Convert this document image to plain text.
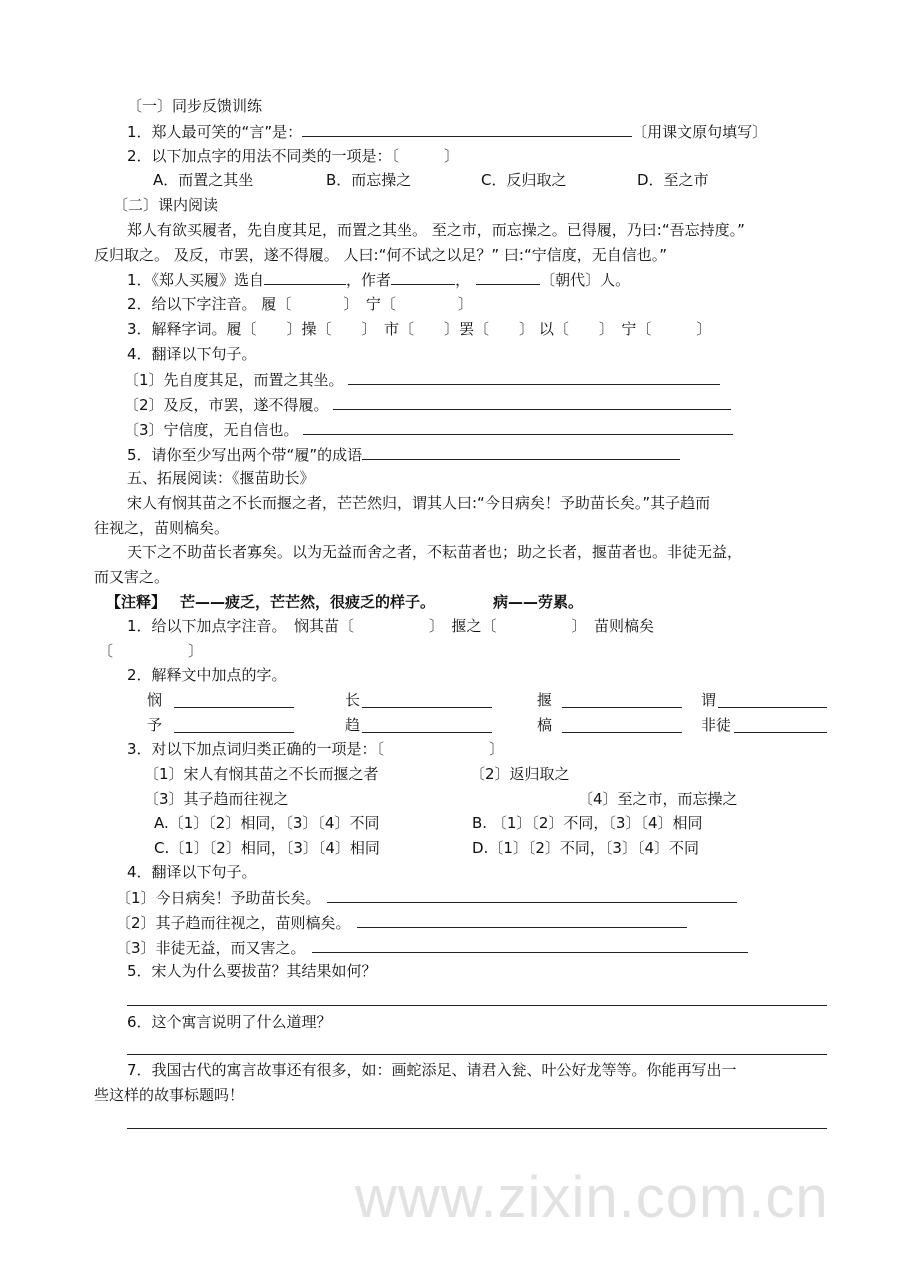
www.zixin.com.cn
〔一〕同步反馈训练
1．郑人最可笑的“言”是：	〔用课文原句填写〕
2．以下加点字的用法不同类的一项是：〔　　　〕
A．而置之其坐	B．而忘操之	C．反归取之	D．至之市
〔二〕课内阅读
郑人有欲买履者，先自度其足，而置之其坐。 至之市，而忘操之。已得履，乃曰:“吾忘持度。”
反归取之。 及反，市罢，遂不得履。 人曰:“何不试之以足？” 曰:“宁信度，无自信也。”
1．《郑人买履》选自	，作者	，	〔朝代〕人。
2．给以下字注音。 履〔	〕　宁〔	〕
3．解释字词。履〔　　〕操〔　　〕　市〔　　〕罢〔　　〕 以〔　　〕　宁〔　　　〕
4．翻译以下句子。
〔1〕先自度其足，而置之其坐。
〔2〕及反，市罢，遂不得履。
〔3〕宁信度，无自信也。
5．请你至少写出两个带“履”的成语
五、拓展阅读：《揠苗助长》
宋人有悯其苗之不长而揠之者，芒芒然归，谓其人曰:“今日病矣！予助苗长矣。”其子趋而
往视之，苗则槁矣。
天下之不助苗长者寡矣。以为无益而舍之者，不耘苗者也；助之长者，揠苗者也。非徒无益，
而又害之。
【注释】 芒——疲乏，芒芒然，很疲乏的样子。	病——劳累。
1．给以下加点字注音。　悯其苗〔　　　　　〕　揠之〔　　　　　〕　苗则槁矣
〔　　　　　〕
2．解释文中加点的字。
悯	长	揠	谓
予	趋	槁	非徒
3．对以下加点词归类正确的一项是：〔　　　　　　　〕
〔1〕宋人有悯其苗之不长而揠之者	〔2〕返归取之
〔3〕其子趋而往视之	〔4〕至之市，而忘操之
A.〔1〕〔2〕相同，〔3〕〔4〕不同	B. 〔1〕〔2〕不同，〔3〕〔4〕相同
C.〔1〕〔2〕相同，〔3〕〔4〕相同	D.〔1〕〔2〕不同，〔3〕〔4〕不同
4．翻译以下句子。
〔1〕今日病矣！予助苗长矣。
〔2〕其子趋而往视之，苗则槁矣。
〔3〕非徒无益，而又害之。
5．宋人为什么要拔苗？其结果如何？
6．这个寓言说明了什么道理？
7．我国古代的寓言故事还有很多，如：画蛇添足、请君入瓮、叶公好龙等等。你能再写出一
些这样的故事标题吗！
